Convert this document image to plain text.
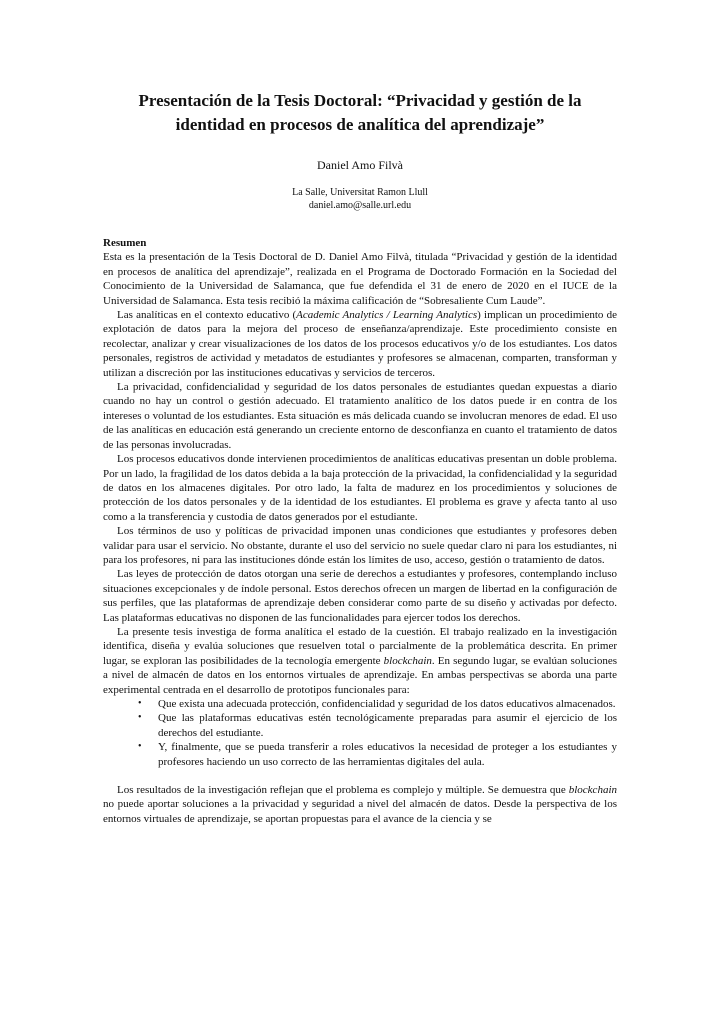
Presentación de la Tesis Doctoral: “Privacidad y gestión de la identidad en procesos de analítica del aprendizaje”

Daniel Amo Filvà

La Salle, Universitat Ramon Llull
daniel.amo@salle.url.edu

Resumen

Esta es la presentación de la Tesis Doctoral de D. Daniel Amo Filvà, titulada “Privacidad y gestión de la identidad en procesos de analítica del aprendizaje”, realizada en el Programa de Doctorado Formación en la Sociedad del Conocimiento de la Universidad de Salamanca, que fue defendida el 31 de enero de 2020 en el IUCE de la Universidad de Salamanca. Esta tesis recibió la máxima calificación de “Sobresaliente Cum Laude”.

Las analíticas en el contexto educativo (Academic Analytics / Learning Analytics) implican un procedimiento de explotación de datos para la mejora del proceso de enseñanza/aprendizaje. Este procedimiento consiste en recolectar, analizar y crear visualizaciones de los datos de los procesos educativos y/o de los estudiantes. Los datos personales, registros de actividad y metadatos de estudiantes y profesores se almacenan, comparten, transforman y utilizan a discreción por las instituciones educativas y servicios de terceros.

La privacidad, confidencialidad y seguridad de los datos personales de estudiantes quedan expuestas a diario cuando no hay un control o gestión adecuado. El tratamiento analítico de los datos puede ir en contra de los intereses o voluntad de los estudiantes. Esta situación es más delicada cuando se involucran menores de edad. El uso de las analíticas en educación está generando un creciente entorno de desconfianza en cuanto el tratamiento de datos de las personas involucradas.

Los procesos educativos donde intervienen procedimientos de analíticas educativas presentan un doble problema. Por un lado, la fragilidad de los datos debida a la baja protección de la privacidad, la confidencialidad y la seguridad de datos en los almacenes digitales. Por otro lado, la falta de madurez en los procedimientos y soluciones de protección de los datos personales y de la identidad de los estudiantes. El problema es grave y afecta tanto al uso como a la transferencia y custodia de datos generados por el estudiante.

Los términos de uso y políticas de privacidad imponen unas condiciones que estudiantes y profesores deben validar para usar el servicio. No obstante, durante el uso del servicio no suele quedar claro ni para los estudiantes, ni para los profesores, ni para las instituciones dónde están los límites de uso, acceso, gestión o tratamiento de datos.

Las leyes de protección de datos otorgan una serie de derechos a estudiantes y profesores, contemplando incluso situaciones excepcionales y de índole personal. Estos derechos ofrecen un margen de libertad en la configuración de sus perfiles, que las plataformas de aprendizaje deben considerar como parte de su diseño y activadas por defecto. Las plataformas educativas no disponen de las funcionalidades para ejercer todos los derechos.

La presente tesis investiga de forma analítica el estado de la cuestión. El trabajo realizado en la investigación identifica, diseña y evalúa soluciones que resuelven total o parcialmente de la problemática descrita. En primer lugar, se exploran las posibilidades de la tecnología emergente blockchain. En segundo lugar, se evalúan soluciones a nivel de almacén de datos en los entornos virtuales de aprendizaje. En ambas perspectivas se aborda una parte experimental centrada en el desarrollo de prototipos funcionales para:

• Que exista una adecuada protección, confidencialidad y seguridad de los datos educativos almacenados.
• Que las plataformas educativas estén tecnológicamente preparadas para asumir el ejercicio de los derechos del estudiante.
• Y, finalmente, que se pueda transferir a roles educativos la necesidad de proteger a los estudiantes y profesores haciendo un uso correcto de las herramientas digitales del aula.

Los resultados de la investigación reflejan que el problema es complejo y múltiple. Se demuestra que blockchain no puede aportar soluciones a la privacidad y seguridad a nivel del almacén de datos. Desde la perspectiva de los entornos virtuales de aprendizaje, se aportan propuestas para el avance de la ciencia y se
